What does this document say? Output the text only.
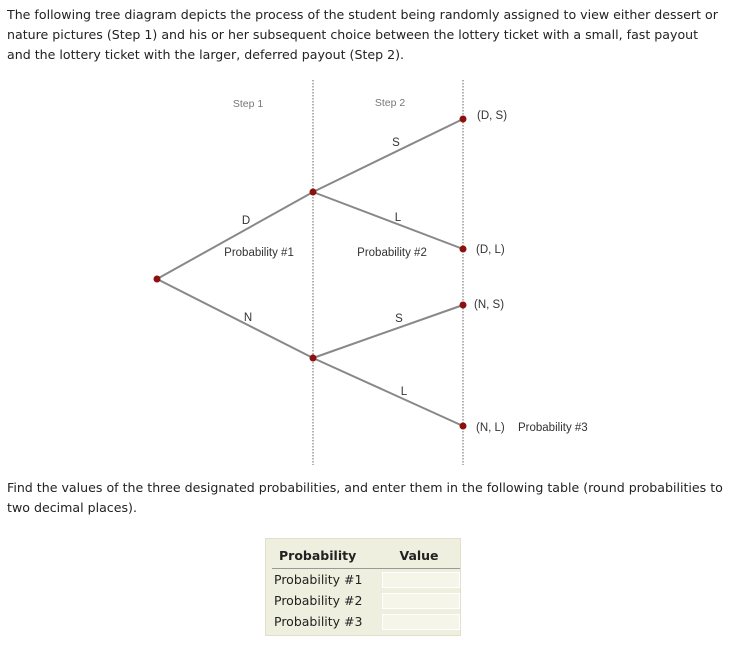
The following tree diagram depicts the process of the student being randomly assigned to view either dessert or nature pictures (Step 1) and his or her subsequent choice between the lottery ticket with a small, fast payout and the lottery ticket with the larger, deferred payout (Step 2).

Step 1	Step 2
D
N
S
L
S
L
Probability #1	Probability #2
Probability #3
(D, S)
(D, L)
(N, S)
(N, L)

Find the values of the three designated probabilities, and enter them in the following table (round probabilities to two decimal places).

Probability	Value
Probability #1	

Probability #2	

Probability #3	
